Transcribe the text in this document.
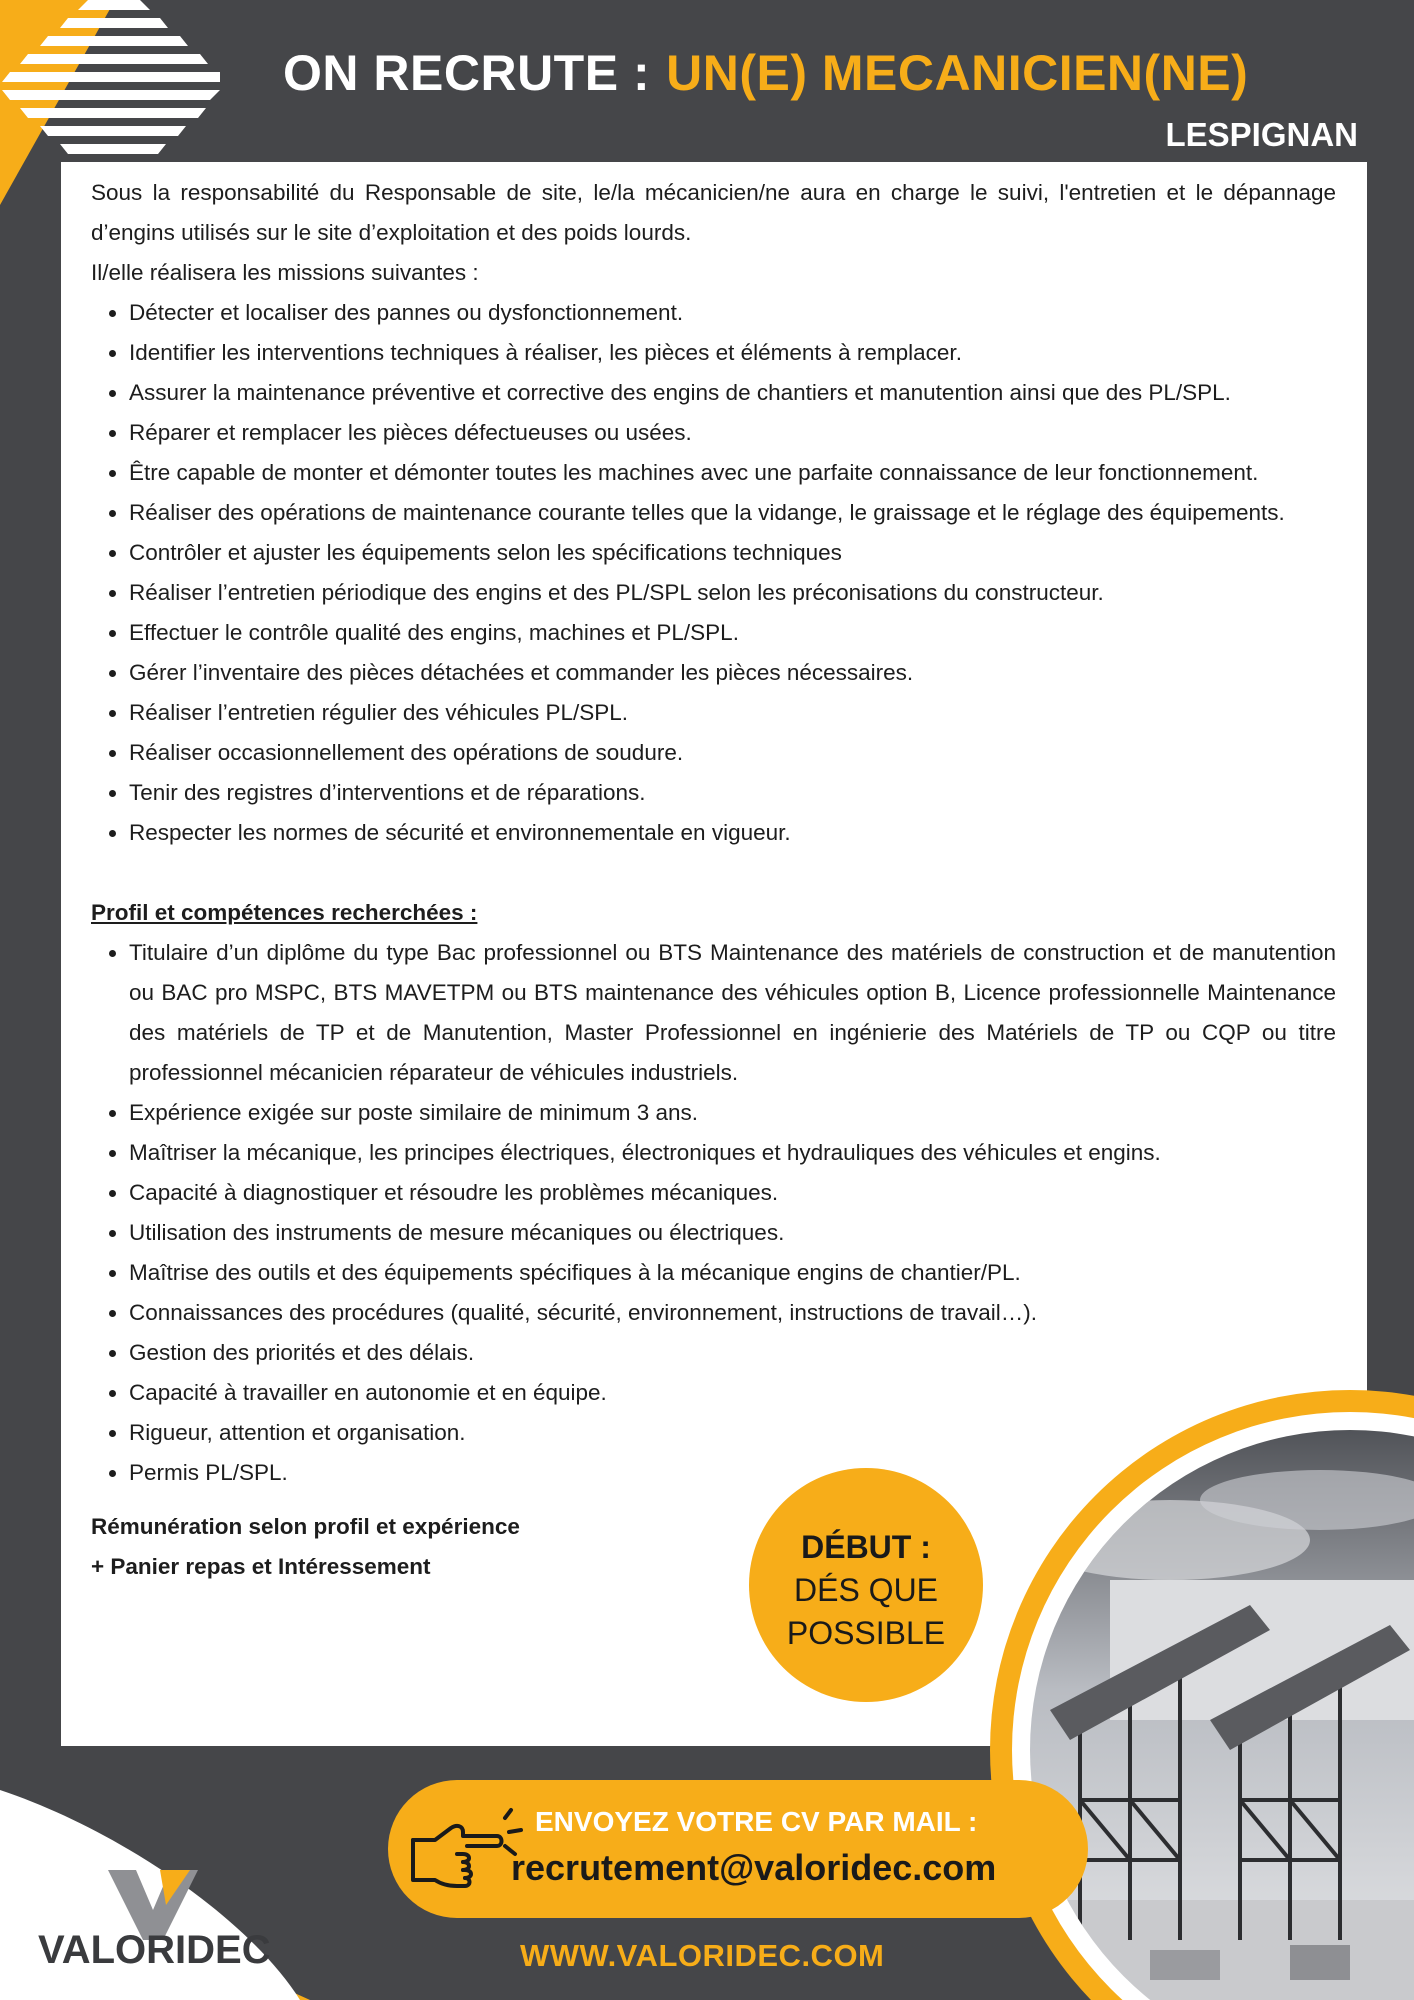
ON RECRUTE : UN(E) MECANICIEN(NE)
LESPIGNAN

Sous la responsabilité du Responsable de site, le/la mécanicien/ne aura en charge le suivi, l'entretien et le dépannage d’engins utilisés sur le site d’exploitation et des poids lourds.

Il/elle réalisera les missions suivantes :

• Détecter et localiser des pannes ou dysfonctionnement.
• Identifier les interventions techniques à réaliser, les pièces et éléments à remplacer.
• Assurer la maintenance préventive et corrective des engins de chantiers et manutention ainsi que des PL/SPL.
• Réparer et remplacer les pièces défectueuses ou usées.
• Être capable de monter et démonter toutes les machines avec une parfaite connaissance de leur fonctionnement.
• Réaliser des opérations de maintenance courante telles que la vidange, le graissage et le réglage des équipements.
• Contrôler et ajuster les équipements selon les spécifications techniques
• Réaliser l’entretien périodique des engins et des PL/SPL selon les préconisations du constructeur.
• Effectuer le contrôle qualité des engins, machines et PL/SPL.
• Gérer l’inventaire des pièces détachées et commander les pièces nécessaires.
• Réaliser l’entretien régulier des véhicules PL/SPL.
• Réaliser occasionnellement des opérations de soudure.
• Tenir des registres d’interventions et de réparations.
• Respecter les normes de sécurité et environnementale en vigueur.

Profil et compétences recherchées :

• Titulaire d’un diplôme du type Bac professionnel ou BTS Maintenance des matériels de construction et de manutention ou BAC pro MSPC, BTS MAVETPM ou BTS maintenance des véhicules option B, Licence professionnelle Maintenance des matériels de TP et de Manutention, Master Professionnel en ingénierie des Matériels de TP ou CQP ou titre professionnel mécanicien réparateur de véhicules industriels.
• Expérience exigée sur poste similaire de minimum 3 ans.
• Maîtriser la mécanique, les principes électriques, électroniques et hydrauliques des véhicules et engins.
• Capacité à diagnostiquer et résoudre les problèmes mécaniques.
• Utilisation des instruments de mesure mécaniques ou électriques.
• Maîtrise des outils et des équipements spécifiques à la mécanique engins de chantier/PL.
• Connaissances des procédures (qualité, sécurité, environnement, instructions de travail…).
• Gestion des priorités et des délais.
• Capacité à travailler en autonomie et en équipe.
• Rigueur, attention et organisation.
• Permis PL/SPL.

Rémunération selon profil et expérience

+ Panier repas et Intéressement

DÉBUT :
DÉS QUE
POSSIBLE
VALORIDEC
ENVOYEZ VOTRE CV PAR MAIL :
recrutement@valoridec.com
WWW.VALORIDEC.COM
